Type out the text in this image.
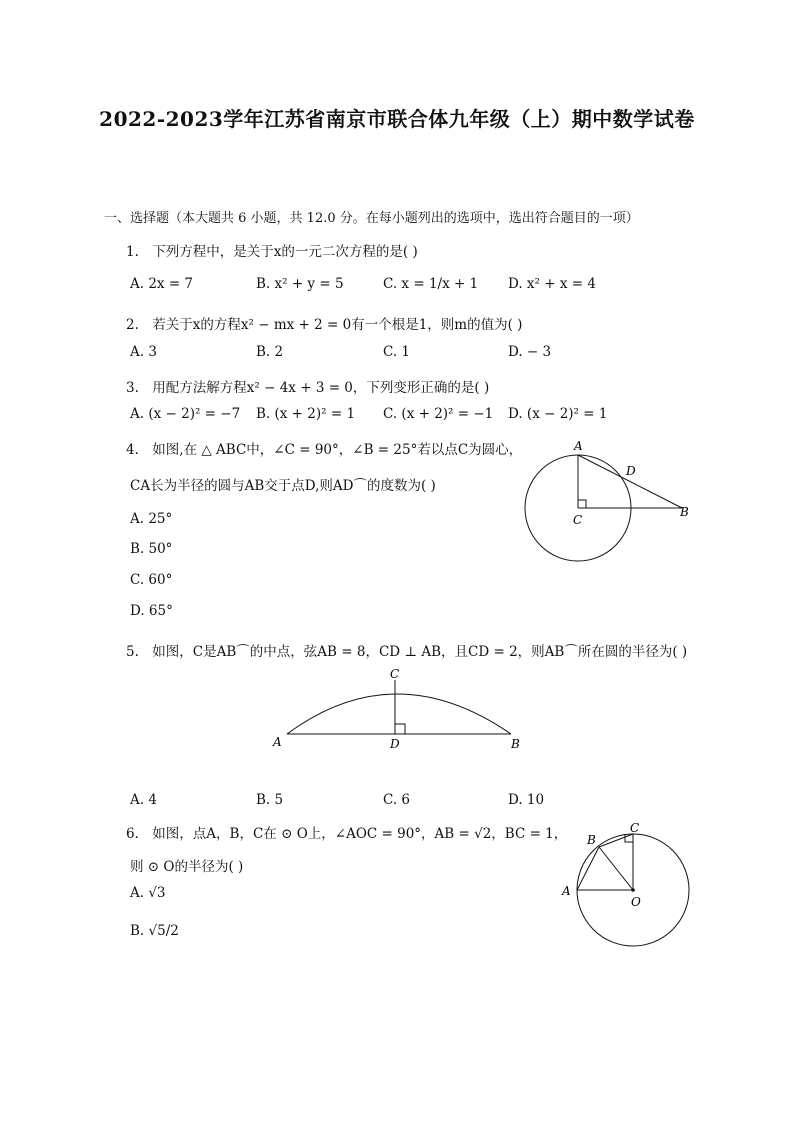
2022-2023学年江苏省南京市联合体九年级（上）期中数学试卷
一、选择题（本大题共 6 小题，共 12.0 分。在每小题列出的选项中，选出符合题目的一项）
1. 下列方程中，是关于x的一元二次方程的是( )
A. 2x = 7	B. x² + y = 5	C. x = 1/x + 1 D. x² + x = 4
2. 若关于x的方程x² − mx + 2 = 0有一个根是1，则m的值为( )
A. 3	B. 2	C. 1	D. − 3
3. 用配方法解方程x² − 4x + 3 = 0，下列变形正确的是( )
A. (x − 2)² = −7 B. (x + 2)² = 1 C. (x + 2)² = −1 D. (x − 2)² = 1
4. 如图,在 △ ABC中，∠C = 90°，∠B = 25°若以点C为圆心，
CA长为半径的圆与AB交于点D,则AD⌒的度数为( )
A. 25°
B. 50°
C. 60°
D. 65°
A
D
C
B
5. 如图，C是AB⌒的中点，弦AB = 8，CD ⊥ AB，且CD = 2，则AB⌒所在圆的半径为( )
C
A	D	B
A. 4	B. 5	C. 6	D. 10
6. 如图，点A，B，C在 ⊙ O上，∠AOC = 90°，AB = √2，BC = 1，
则 ⊙ O的半径为( )
A. √3
B. √5/2
B
C
A
O
